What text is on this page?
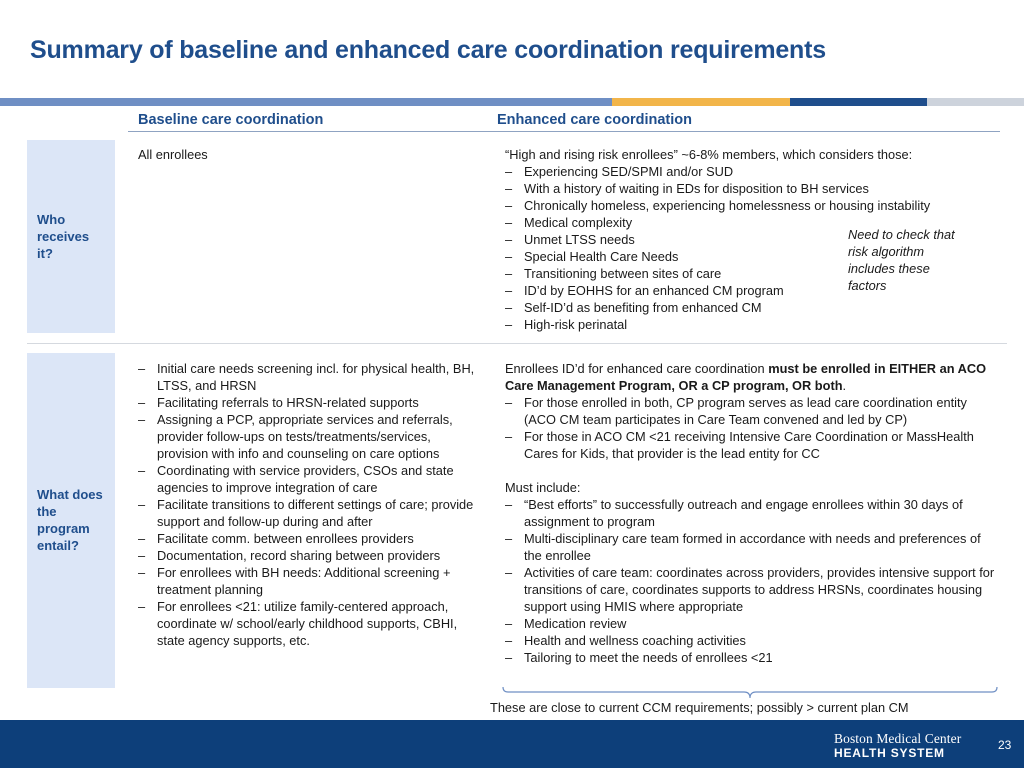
Summary of baseline and enhanced care coordination requirements
Baseline care coordination	Enhanced care coordination
Who receives it?
All enrollees	“High and rising risk enrollees” ~6-8% members, which considers those:
– Experiencing SED/SPMI and/or SUD
– With a history of waiting in EDs for disposition to BH services
– Chronically homeless, experiencing homelessness or housing instability
– Medical complexity
– Unmet LTSS needs
– Special Health Care Needs
– Transitioning between sites of care
– ID’d by EOHHS for an enhanced CM program
– Self-ID’d as benefiting from enhanced CM
– High-risk perinatal
Need to check that risk algorithm includes these factors
What does the program entail?
– Initial care needs screening incl. for physical health, BH, LTSS, and HRSN
– Facilitating referrals to HRSN-related supports
– Assigning a PCP, appropriate services and referrals, provider follow-ups on tests/treatments/services, provision with info and counseling on care options
– Coordinating with service providers, CSOs and state agencies to improve integration of care
– Facilitate transitions to different settings of care; provide support and follow-up during and after
– Facilitate comm. between enrollees providers
– Documentation, record sharing between providers
– For enrollees with BH needs: Additional screening + treatment planning
– For enrollees <21: utilize family-centered approach, coordinate w/ school/early childhood supports, CBHI, state agency supports, etc.
Enrollees ID’d for enhanced care coordination must be enrolled in EITHER an ACO Care Management Program, OR a CP program, OR both.
– For those enrolled in both, CP program serves as lead care coordination entity (ACO CM team participates in Care Team convened and led by CP)
– For those in ACO CM <21 receiving Intensive Care Coordination or MassHealth Cares for Kids, that provider is the lead entity for CC
Must include:
– “Best efforts” to successfully outreach and engage enrollees within 30 days of assignment to program
– Multi-disciplinary care team formed in accordance with needs and preferences of the enrollee
– Activities of care team: coordinates across providers, provides intensive support for transitions of care, coordinates supports to address HRSNs, coordinates housing support using HMIS where appropriate
– Medication review
– Health and wellness coaching activities
– Tailoring to meet the needs of enrollees <21
These are close to current CCM requirements; possibly > current plan CM
Boston Medical Center
HEALTH SYSTEM
23
